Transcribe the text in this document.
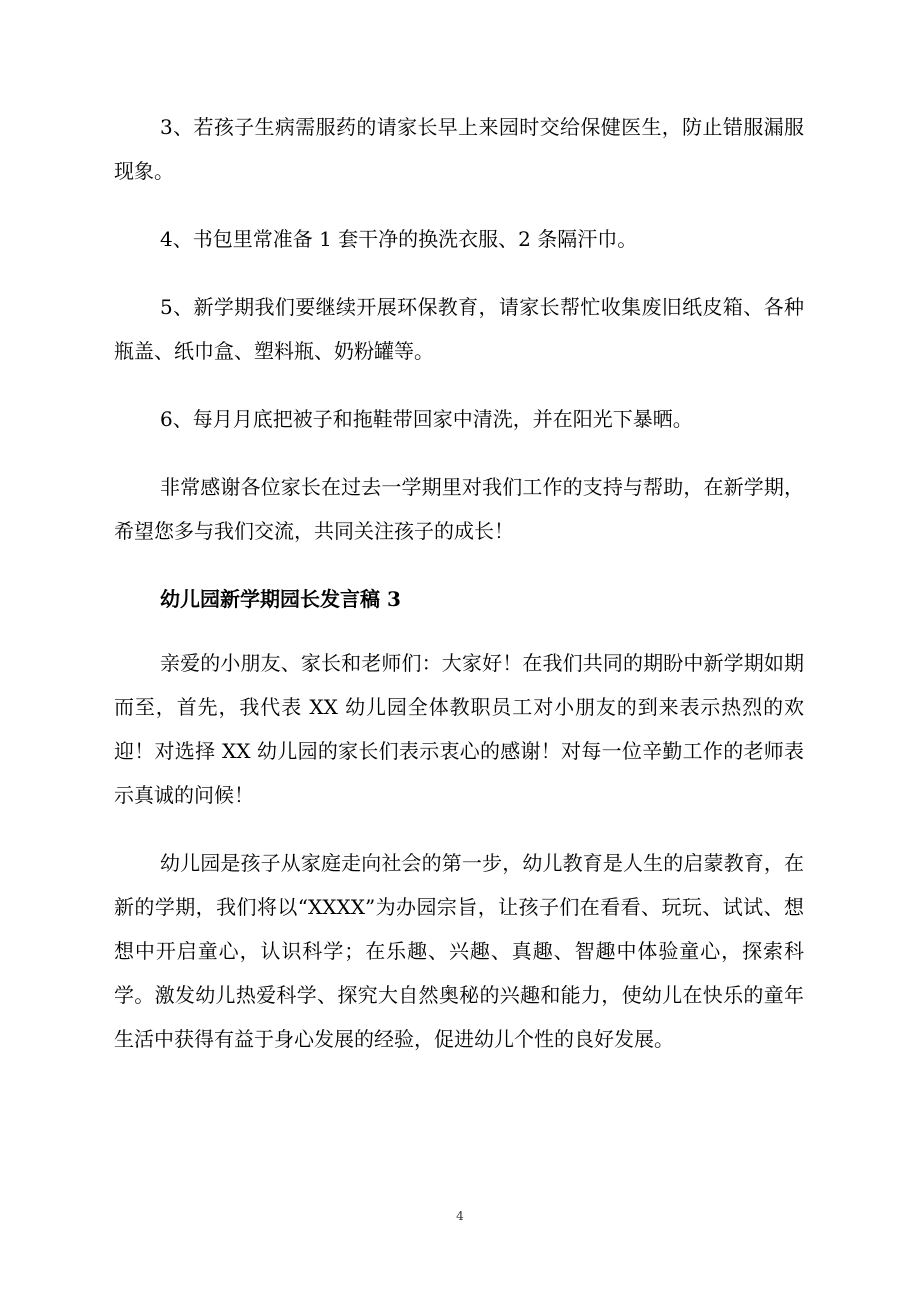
3、若孩子生病需服药的请家长早上来园时交给保健医生，防止错服漏服现象。

4、书包里常准备 1 套干净的换洗衣服、2 条隔汗巾。

5、新学期我们要继续开展环保教育，请家长帮忙收集废旧纸皮箱、各种瓶盖、纸巾盒、塑料瓶、奶粉罐等。

6、每月月底把被子和拖鞋带回家中清洗，并在阳光下暴晒。

非常感谢各位家长在过去一学期里对我们工作的支持与帮助，在新学期，希望您多与我们交流，共同关注孩子的成长！

幼儿园新学期园长发言稿 3

亲爱的小朋友、家长和老师们：大家好！在我们共同的期盼中新学期如期而至，首先，我代表 XX 幼儿园全体教职员工对小朋友的到来表示热烈的欢迎！对选择 XX 幼儿园的家长们表示衷心的感谢！对每一位辛勤工作的老师表示真诚的问候！

幼儿园是孩子从家庭走向社会的第一步，幼儿教育是人生的启蒙教育，在新的学期，我们将以“XXXX”为办园宗旨，让孩子们在看看、玩玩、试试、想想中开启童心，认识科学；在乐趣、兴趣、真趣、智趣中体验童心，探索科学。激发幼儿热爱科学、探究大自然奥秘的兴趣和能力，使幼儿在快乐的童年生活中获得有益于身心发展的经验，促进幼儿个性的良好发展。

4
